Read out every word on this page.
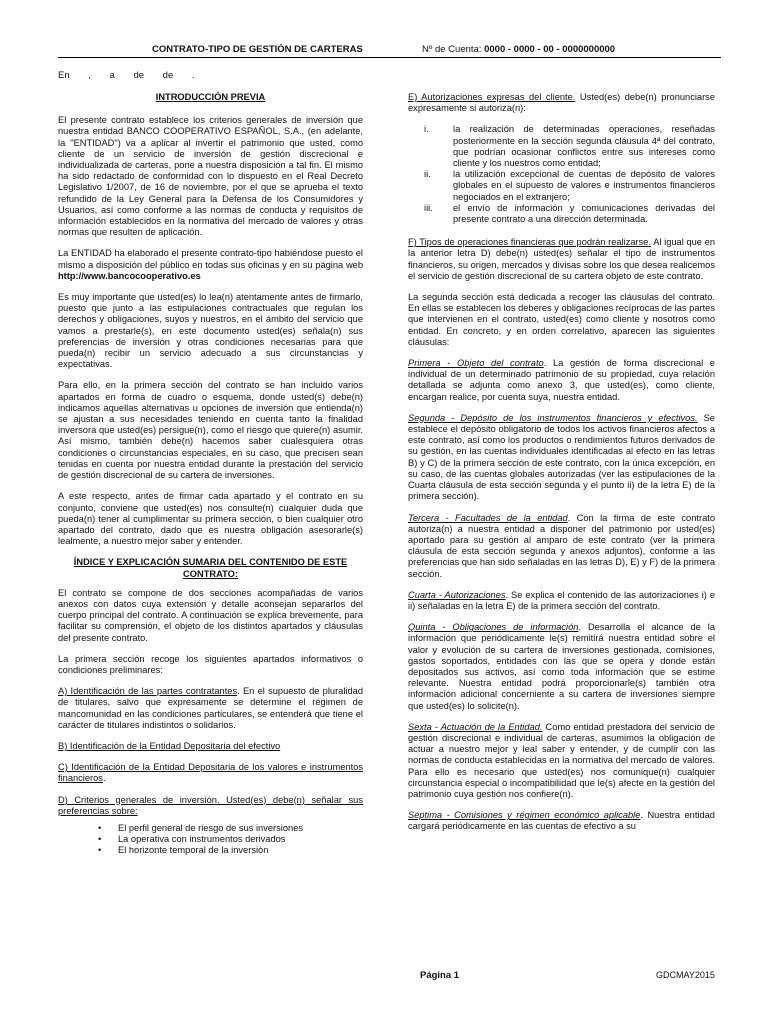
CONTRATO-TIPO DE GESTIÓN DE CARTERAS	Nº de Cuenta: 0000 - 0000 - 00 - 0000000000
En , a de de .
INTRODUCCIÓN PREVIA

El presente contrato establece los criterios generales de inversión que nuestra entidad BANCO COOPERATIVO ESPAÑOL, S.A., (en adelante, la "ENTIDAD") va a aplicar al invertir el patrimonio que usted, como cliente de un servicio de inversión de gestión discrecional e individualizada de carteras, pone a nuestra disposición a tal fin. El mismo ha sido redactado de conformidad con lo dispuesto en el Real Decreto Legislativo 1/2007, de 16 de noviembre, por el que se aprueba el texto refundido de la Ley General para la Defensa de los Consumidores y Usuarios, así como conforme a las normas de conducta y requisitos de información establecidos en la normativa del mercado de valores y otras normas que resulten de aplicación.

La ENTIDAD ha elaborado el presente contrato-tipo habiéndose puesto el mismo a disposición del público en todas sus oficinas y en su página web http://www.bancocooperativo.es

Es muy importante que usted(es) lo lea(n) atentamente antes de firmarlo, puesto que junto a las estipulaciones contractuales que regulan los derechos y obligaciones, suyos y nuestros, en el ámbito del servicio que vamos a prestarle(s), en este documento usted(es) señala(n) sus preferencias de inversión y otras condiciones necesarias para que pueda(n) recibir un servicio adecuado a sus circunstancias y expectativas.

Para ello, en la primera sección del contrato se han incluido varios apartados en forma de cuadro o esquema, donde usted(s) debe(n) indicamos aquellas alternativas u opciones de inversión que entienda(n) se ajustan a sus necesidades teniendo en cuenta tanto la finalidad inversora que usted(es) persigue(n), como el riesgo que quiere(n) asumir. Así mismo, también debe(n) hacemos saber cualesquiera otras condiciones o circunstancias especiales, en su caso, que precisen sean tenidas en cuenta por nuestra entidad durante la prestación del servicio de gestión discrecional de su cartera de inversiones.

A este respecto, antes de firmar cada apartado y el contrato en su conjunto, conviene que usted(es) nos consulte(n) cualquier duda que pueda(n) tener al cumplimentar su primera sección, o bien cualquier otro apartado del contrato, dado que es nuestra obligación asesorarle(s) lealmente, a nuestro mejor saber y entender.

ÍNDICE Y EXPLICACIÓN SUMARIA DEL CONTENIDO DE ESTE CONTRATO:

El contrato se compone de dos secciones acompañadas de varios anexos con datos cuya extensión y detalle aconsejan separarlos del cuerpo principal del contrato. A continuación se explica brevemente, para facilitar su comprensión, el objeto de los distintos apartados y cláusulas del presente contrato.

La primera sección recoge los siguientes apartados informativos o condiciones preliminares:

A) Identificación de las partes contratantes. En el supuesto de pluralidad de titulares, salvo que expresamente se determine el régimen de mancomunidad en las condiciones particulares, se entenderá que tiene el carácter de titulares indistintos o solidarios.

B) Identificación de la Entidad Depositaria del efectivo

C) Identificación de la Entidad Depositaria de los valores e instrumentos financieros.

D) Criterios generales de inversión. Usted(es) debe(n) señalar sus preferencias sobre:

•	El perfil general de riesgo de sus inversiones
•	La operativa con instrumentos derivados
•	El horizonte temporal de la inversión

E) Autorizaciones expresas del cliente. Usted(es) debe(n) pronunciarse expresamente si autoriza(n):

i.	la realización de determinadas operaciones, reseñadas posteriormente en la sección segunda cláusula 4ª del contrato, que podrían ocasionar conflictos entre sus intereses como cliente y los nuestros como entidad;
ii.	la utilización excepcional de cuentas de depósito de valores globales en el supuesto de valores e instrumentos financieros negociados en el extranjero;
iii.	el envío de información y comunicaciones derivadas del presente contrato a una dirección determinada.

F) Tipos de operaciones financieras que podrán realizarse. Al igual que en la anterior letra D) debe(n) usted(es) señalar el tipo de instrumentos financieros, su origen, mercados y divisas sobre los que desea realicemos el servicio de gestión discrecional de su cartera objeto de este contrato.

La segunda sección está dedicada a recoger las cláusulas del contrato. En ellas se establecen los deberes y obligaciones recíprocas de las partes que intervienen en el contrato, usted(es) como cliente y nosotros como entidad. En concreto, y en orden correlativo, aparecen las siguientes cláusulas:

Primera - Objeto del contrato. La gestión de forma discrecional e individual de un determinado patrimonio de su propiedad, cuya relación detallada se adjunta como anexo 3, que usted(es), como cliente, encargan realice, por cuenta suya, nuestra entidad.

Segunda - Depósito de los instrumentos financieros y efectivos. Se establece el depósito obligatorio de todos los activos financieros afectos a este contrato, así como los productos o rendimientos futuros derivados de su gestión, en las cuentas individuales identificadas al efecto en las letras B) y C) de la primera sección de este contrato, con la única excepción, en su caso, de las cuentas globales autorizadas (ver las estipulaciones de la Cuarta cláusula de esta sección segunda y el punto ii) de la letra E) de la primera sección).

Tercera - Facultades de la entidad. Con la firma de este contrato autoriza(n) a nuestra entidad a disponer del patrimonio por usted(es) aportado para su gestión al amparo de este contrato (ver la primera cláusula de esta sección segunda y anexos adjuntos), conforme a las preferencias que han sido señaladas en las letras D), E) y F) de la primera sección.

Cuarta - Autorizaciones. Se explica el contenido de las autorizaciones i) e ii) señaladas en la letra E) de la primera sección del contrato.

Quinta - Obligaciones de información. Desarrolla el alcance de la información que periódicamente le(s) remitirá nuestra entidad sobre el valor y evolución de su cartera de inversiones gestionada, comisiones, gastos soportados, entidades con las que se opera y donde están depositados sus activos, así como toda información que se estime relevante. Nuestra entidad podrá proporcionarle(s) también otra información adicional concerniente a su cartera de inversiones siempre que usted(es) lo solicite(n).

Sexta - Actuación de la Entidad. Como entidad prestadora del servicio de gestión discrecional e individual de carteras, asumimos la obligación de actuar a nuestro mejor y leal saber y entender, y de cumplir con las normas de conducta establecidas en la normativa del mercado de valores. Para ello es necesario que usted(es) nos comunique(n) cualquier circunstancia especial o incompatibilidad que le(s) afecte en la gestión del patrimonio cuya gestión nos confiere(n).

Séptima - Comisiones y régimen económico aplicable. Nuestra entidad cargará periódicamente en las cuentas de efectivo a su

Página 1	GDCMAY2015
